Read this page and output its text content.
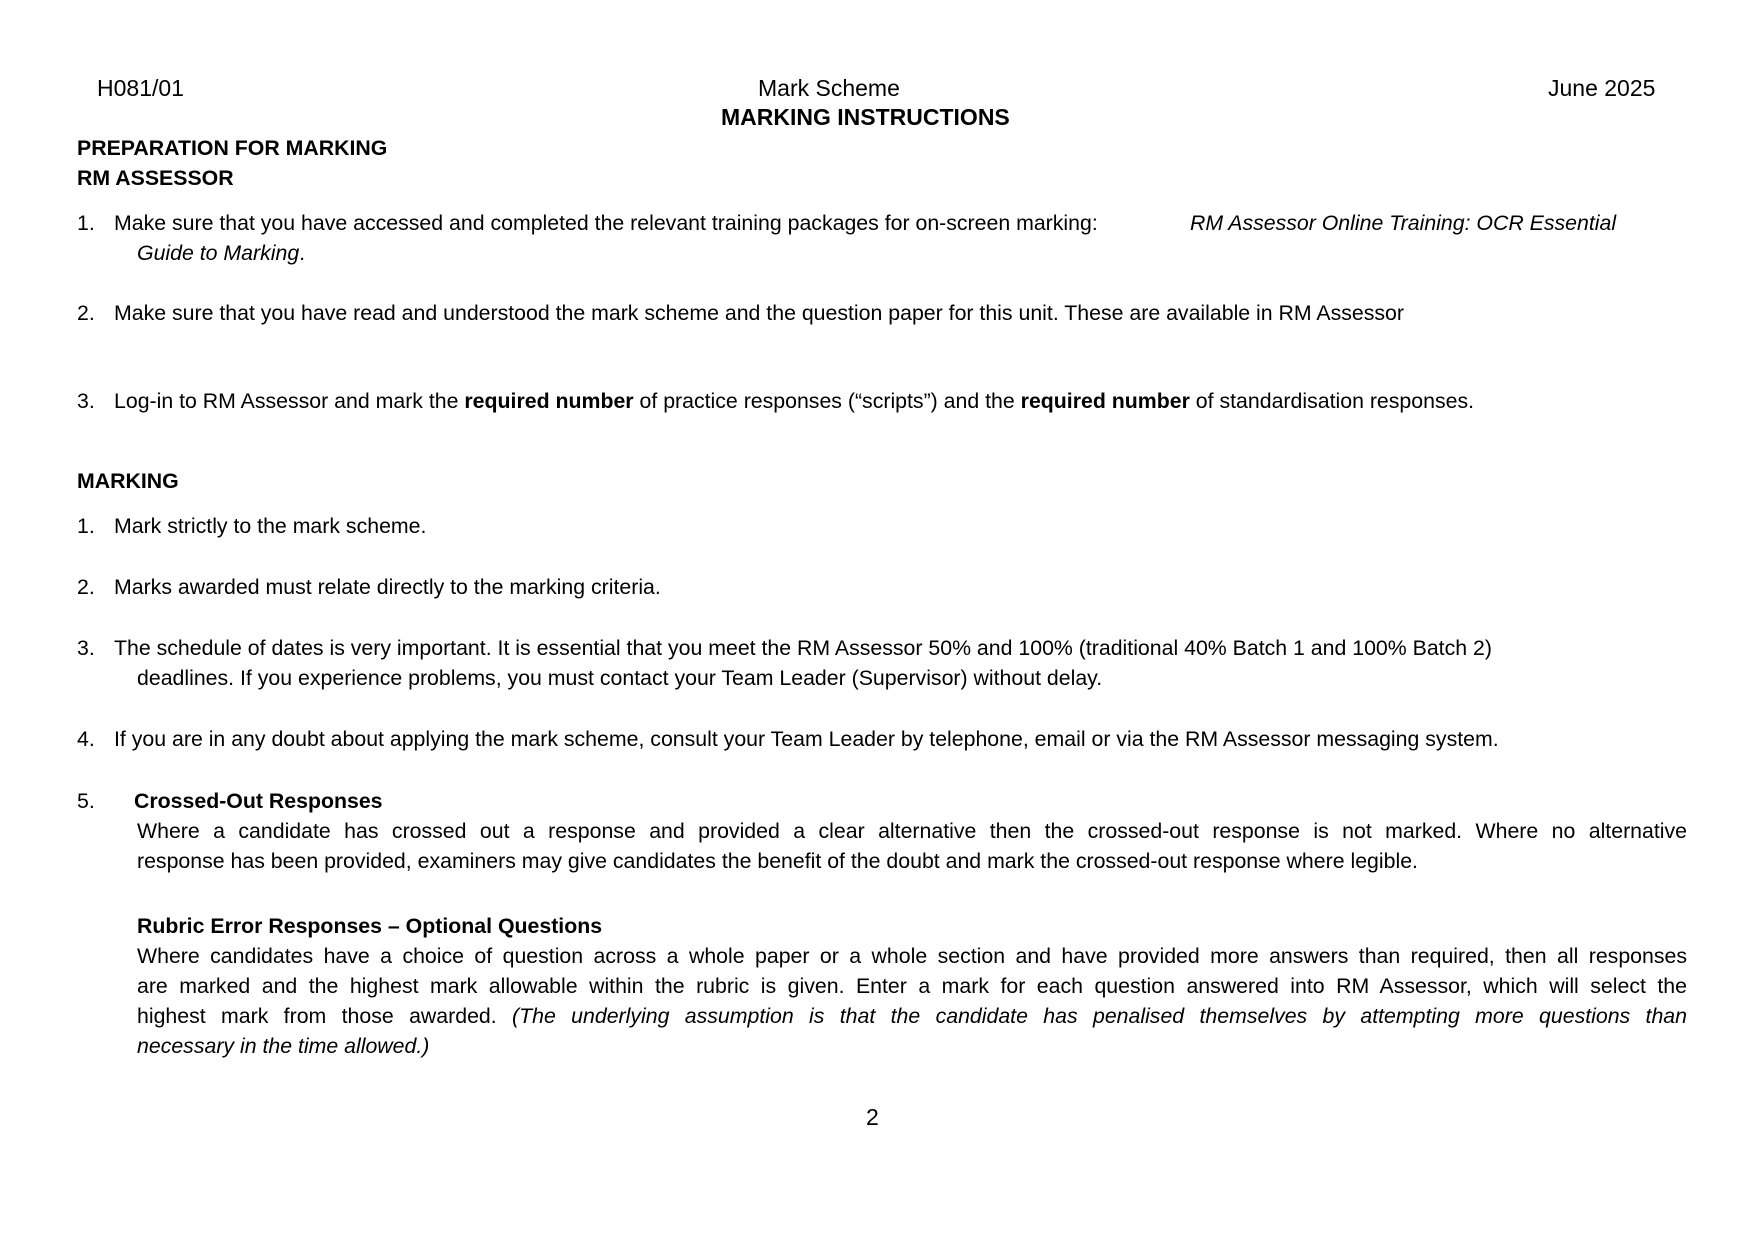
H081/01	Mark Scheme	June 2025
MARKING INSTRUCTIONS
PREPARATION FOR MARKING
RM ASSESSOR
1. Make sure that you have accessed and completed the relevant training packages for on-screen marking:	RM Assessor Online Training: OCR Essential
Guide to Marking.
2. Make sure that you have read and understood the mark scheme and the question paper for this unit. These are available in RM Assessor
3. Log-in to RM Assessor and mark the required number of practice responses (“scripts”) and the required number of standardisation responses.
MARKING
1. Mark strictly to the mark scheme.
2. Marks awarded must relate directly to the marking criteria.
3. The schedule of dates is very important. It is essential that you meet the RM Assessor 50% and 100% (traditional 40% Batch 1 and 100% Batch 2)
deadlines. If you experience problems, you must contact your Team Leader (Supervisor) without delay.
4. If you are in any doubt about applying the mark scheme, consult your Team Leader by telephone, email or via the RM Assessor messaging system.
5. Crossed-Out Responses
Where a candidate has crossed out a response and provided a clear alternative then the crossed-out response is not marked. Where no alternative
response has been provided, examiners may give candidates the benefit of the doubt and mark the crossed-out response where legible.
Rubric Error Responses – Optional Questions
Where candidates have a choice of question across a whole paper or a whole section and have provided more answers than required, then all responses
are marked and the highest mark allowable within the rubric is given. Enter a mark for each question answered into RM Assessor, which will select the
highest mark from those awarded. (The underlying assumption is that the candidate has penalised themselves by attempting more questions than
necessary in the time allowed.)
2
